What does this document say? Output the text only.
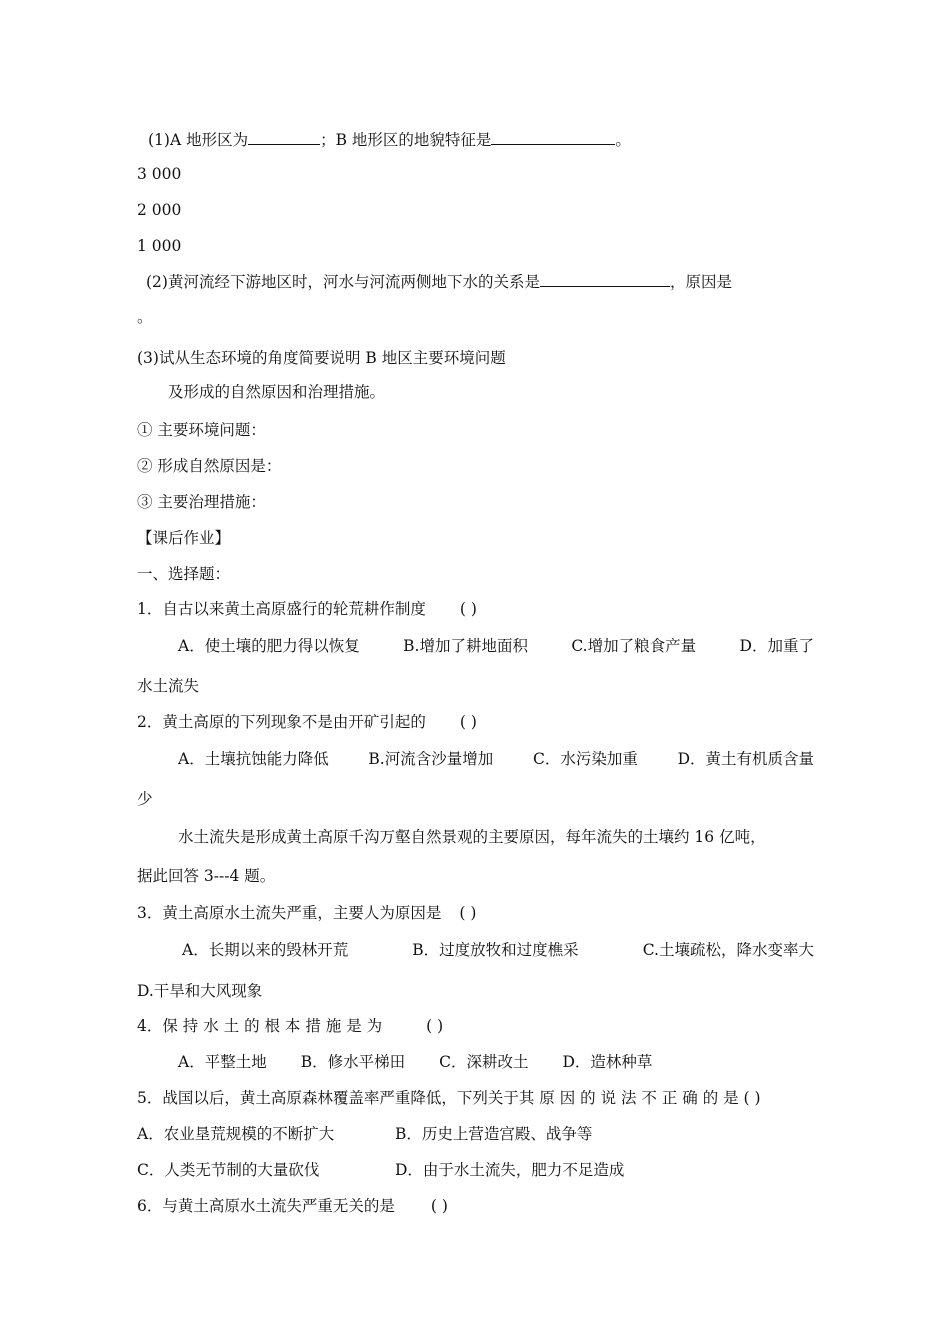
(1)A 地形区为	；B 地形区的地貌特征是	。
3 000
2 000
1 000
(2)黄河流经下游地区时，河水与河流两侧地下水的关系是	，原因是
。
(3)试从生态环境的角度简要说明 B 地区主要环境问题
及形成的自然原因和治理措施。
① 主要环境问题：
② 形成自然原因是：
③ 主要治理措施：
【课后作业】
一、选择题：
1．自古以来黄土高原盛行的轮荒耕作制度 ( )
A．使土壤的肥力得以恢复	B.增加了耕地面积	C.增加了粮食产量	D．加重了
水土流失
2．黄土高原的下列现象不是由开矿引起的 ( )
A．土壤抗蚀能力降低	B.河流含沙量增加	C．水污染加重	D．黄土有机质含量
少
水土流失是形成黄土高原千沟万壑自然景观的主要原因，每年流失的土壤约 16 亿吨，
据此回答 3---4 题。
3．黄土高原水土流失严重，主要人为原因是 ( )
A．长期以来的毁林开荒	B．过度放牧和过度樵采	C.土壤疏松，降水变率大
D.干旱和大风现象
4．保 持 水 土 的 根 本 措 施 是 为	( )
A．平整土地 B．修水平梯田 C．深耕改土 D．造林种草
5．战国以后，黄土高原森林覆盖率严重降低，下列关于其 原 因 的 说 法 不 正 确 的 是 ( )
A．农业垦荒规模的不断扩大	B．历史上营造宫殿、战争等
C．人类无节制的大量砍伐	D．由于水土流失，肥力不足造成
6．与黄土高原水土流失严重无关的是 ( )
